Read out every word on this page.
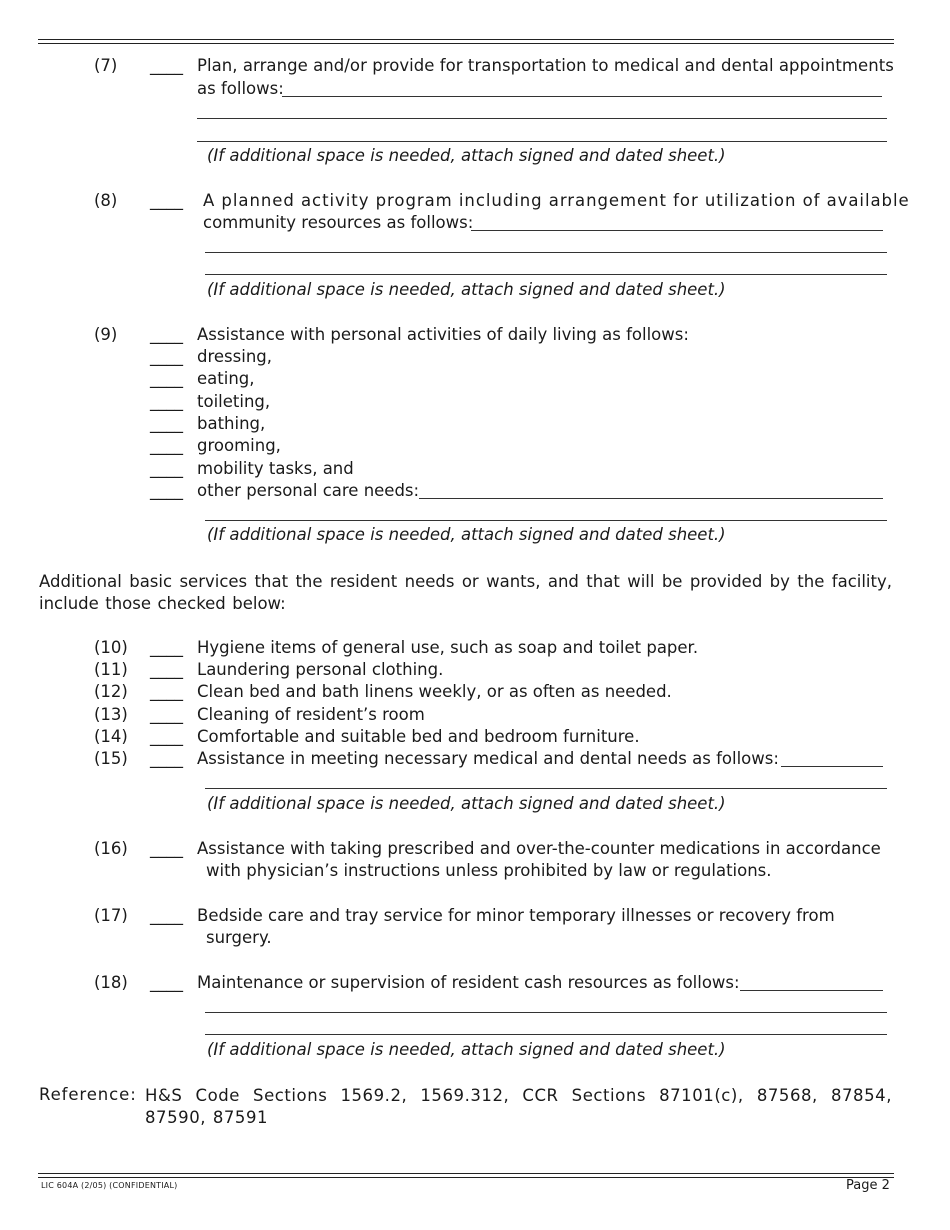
(7) ____ Plan, arrange and/or provide for transportation to medical and dental appointments
as follows:
(If additional space is needed, attach signed and dated sheet.)
(8) ____ A planned activity program including arrangement for utilization of available
community resources as follows:
(If additional space is needed, attach signed and dated sheet.)
(9) ____ Assistance with personal activities of daily living as follows:
____ dressing,
____ eating,
____ toileting,
____ bathing,
____ grooming,
____ mobility tasks, and
____ other personal care needs:
(If additional space is needed, attach signed and dated sheet.)
Additional basic services that the resident needs or wants, and that will be provided by the facility, include those checked below:
(10) ____ Hygiene items of general use, such as soap and toilet paper.
(11) ____ Laundering personal clothing.
(12) ____ Clean bed and bath linens weekly, or as often as needed.
(13) ____ Cleaning of resident’s room
(14) ____ Comfortable and suitable bed and bedroom furniture.
(15) ____ Assistance in meeting necessary medical and dental needs as follows:
(If additional space is needed, attach signed and dated sheet.)
(16) ____ Assistance with taking prescribed and over-the-counter medications in accordance
with physician’s instructions unless prohibited by law or regulations.
(17) ____ Bedside care and tray service for minor temporary illnesses or recovery from
surgery.
(18) ____ Maintenance or supervision of resident cash resources as follows:
(If additional space is needed, attach signed and dated sheet.)
Reference: H&S Code Sections 1569.2, 1569.312, CCR Sections 87101(c), 87568, 87854, 87590, 87591
LIC 604A (2/05) (CONFIDENTIAL)	Page 2
